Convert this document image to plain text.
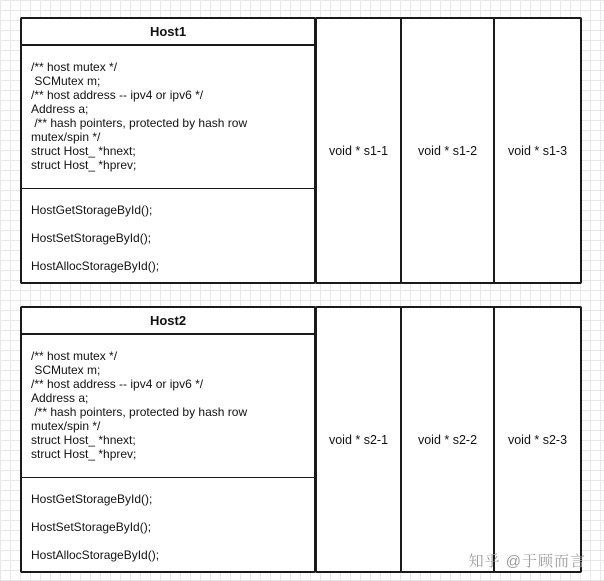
Host1
/** host mutex */
SCMutex m;
/** host address -- ipv4 or ipv6 */
Address a;
/** hash pointers, protected by hash row
mutex/spin */
struct Host_ *hnext;
struct Host_ *hprev;
HostGetStorageById();
HostSetStorageById();
HostAllocStorageById();
void * s1-1	void * s1-2	void * s1-3
Host2
/** host mutex */
SCMutex m;
/** host address -- ipv4 or ipv6 */
Address a;
/** hash pointers, protected by hash row
mutex/spin */
struct Host_ *hnext;
struct Host_ *hprev;
HostGetStorageById();
HostSetStorageById();
HostAllocStorageById();
void * s2-1	void * s2-2	void * s2-3
知乎 @于顾而言
